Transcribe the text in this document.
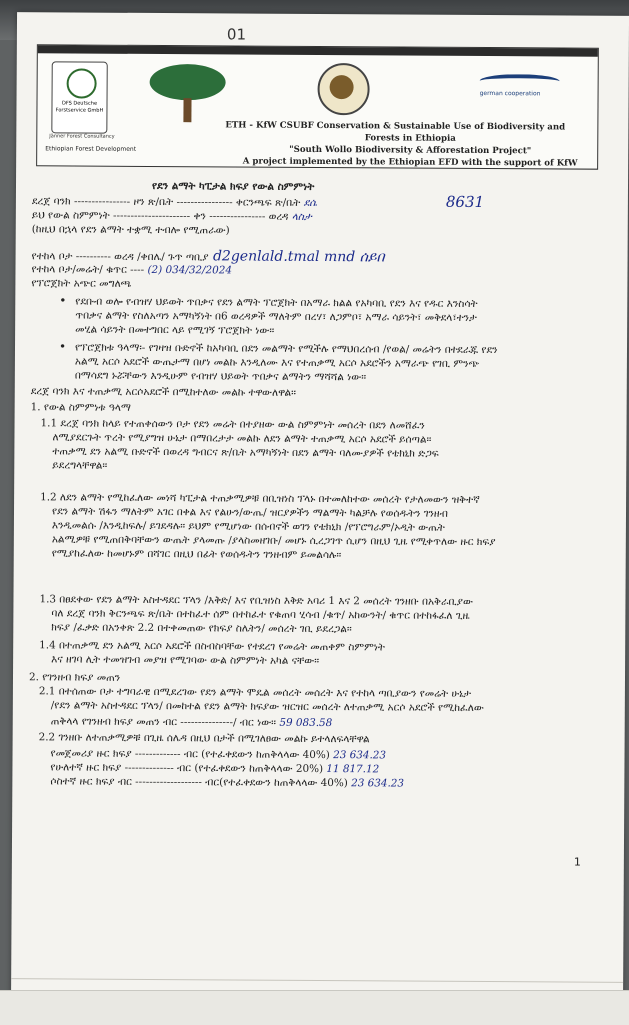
01
DFS Deutsche Forstservice GmbH
german cooperation
Jänner Forest Consultancy
Ethiopian Forest Development
ETH - KfW CSUBF Conservation & Sustainable Use of Biodiversity and
Forests in Ethiopia
"South Wollo Biodiversity & Afforestation Project"
A project implemented by the Ethiopian EFD with the support of KfW
8631
የደን ልማት ካፒታል ክፍያ የውል ስምምነት
ደረጀ ባንክ ---------------- ዞን ጽ/ቤት ---------------- ቀርንጫፍ ጽ/ቤት ደሴ
ይህ የውል ስምምነት ---------------------- ቀን ---------------- ወረዳ ላስታ
(ከዚህ በኋላ የደን ልማት ተቋሚ ተብሎ የሚጠራው)
የተከላ ቦታ ---------- ወረዳ /ቀበሌ/ ጉጥ ጣቢያ d2genlald.tmal mnd ሰይበ
የተከላ ቦታ/መሬት/ ቁጥር ---- (2) 034/32/2024
የፕሮጀክት አጭር መግለጫ
• የደቡብ ወሎ የብዝሃ ህይወት ጥበቃና የደን ልማት ፕሮጀክት በአማራ ክልል የአካባቢ የደን እና የዱር እንስሳት
ጥበቃና ልማት የስለአጣን አማካኝነት በ6 ወረዳዎች ማለትም በረሃ፣ ለጋምቦ፣ አማራ ሳይንት፣ መቅደላ፣ተንታ
መሂል ሳይንት በመተግበር ላይ የሚገኝ ፕሮጀክት ነው።
• የፕሮጀክቱ ዓላማ፡- የገዛዝ ቡድኖች ከአካባቢ በደን መልማት የሚችሉ የማህበረሰብ /የወል/ መሬትን በተደራጁ የደን
አልሚ አርሶ አደሮች ውጤታማ በሆነ መልኩ እንዲለሙ እና የተጠቃሚ አርሶ አደሮችን አማራጭ የገቢ ምንጭ
በማሳደግ ኑሯቸውን እንዲሁም የብዝሃ ህይወት ጥበቃና ልማትን ማሻሻል ነው።
ደረጀ ባንክ እና ተጠቃሚ አርሶአደሮች በሚከተለው መልኩ ተዋውለዋል።
1. የውል ስምምነቱ ዓላማ
1.1 ደረጀ ባንክ ከላይ የተጠቀሰውን ቦታ የደን መሬት በተያዘው ውል ስምምነት መሰረት በደን ለመሸፈን
ለሚያደርጉት ጥረት የሚያግዝ ሁኔታ በማበረታታ መልኩ ለደን ልማት ተጠቃሚ አርሶ አደሮች ይሰጣል።
ተጠቃሚ ደን አልሚ ቡድኖች በወረዳ ግብርና ጽ/ቤት አማካኝነት በደን ልማት ባለሙያዎች የቴክኒክ ድጋፍ
ይደረግላቸዋል።
1.2 ለደን ልማት የሚከፈለው መነሻ ካፒታል ተጠቃሚዎቹ በቢዝነስ ፕላኑ በተመለከተው መሰረት የታለመውን ዝቅተኛ
የደን ልማት ሽፋን ማለትም አገር በቀል እና የልሁን/ውጤ/ ዝርያዎችን ማልማት ካልቻሉ የወሰዱትን ገንዘብ
እንዲመልሱ /እንዲከፍሉ/ ይገደዳሉ። ይህም የሚሆነው በሰብኖች ወገን የቴክኒክ /የፕሮግራም/ኦዲት ውጤት
አልሚዎቹ የሚጠበቅባቸውን ውጤት ያላመጡ /ያላስመዘገቡ/ መሆኑ ሲረጋገጥ ሲሆን በዚህ ጊዜ የሚቀጥለው ዙር ክፍያ
የሚያከፈለው ከመሆኑም በሻገር በዚህ በፊት የወሰዱትን ገንዘብም ይመልሳሉ።
1.3 በፀደቀው የደን ልማት አስተዳደር ፕላን /እቅድ/ እና የቢዝነስ እቅድ አባሪ 1 እና 2 መሰረት ገንዘቡ በአቅራቢያው
ባለ ደረጀ ባንክ ቅርንጫፍ ጽ/ቤት በተከፈተ ሰም በተከፈተ የቁጠባ ሂሳብ /ቁጥ/ አከውንት/ ቁጥር በተከፋፈለ ጊዜ
ክፍያ /ፈቃድ በአንቀጽ 2.2 በተቀመጠው የክፍያ ስሌትን/ መሰረት ገቢ ይደረጋል።
1.4 በተጠቃሚ ደን አልሚ አርሶ አደሮች በስብስባቸው የተደረገ የመሬት መጠቀም ስምምነት
እና ዘገባ ሊት ተመዝገብ መያዝ የሚገባው ውል ስምምነት አካል ናቸው።
2. የገንዘብ ክፍያ መጠን
2.1 በተሰጠው ቦታ ተግባራዊ በሚደረገው የደን ልማት ሞዴል መሰረት መሰረት እና የተከላ ጣቢያውን የመሬት ሁኔታ
/የደን ልማት አስተዳደር ፕላን/ በመከተል የደን ልማት ክፍያው ዝርዝር መሰረት ለተጠቃሚ አርሶ አደሮች የሚከፈለው
ጠቅላላ የገንዘብ ክፍያ መጠን ብር ---------------/ ብር ነው። 59 083.58
2.2 ገንዘቡ ለተጠቃሚዎቹ በጊዜ ሰሌዳ በዚህ በታች በሚገለፀው መልኩ ይተላለፍላቸዋል
የመጀመሪያ ዙር ክፍያ ------------- ብር (የተፈቀደውን ከጠቅላላው 40%) 23 634.23
የሁለተኛ ዙር ክፍያ -------------- ብር (የተፈቀደውን ከጠቅላላው 20%) 11 817.12
ሶስተኛ ዙር ክፍያ ብር ------------------- ብር(የተፈቀደውን ከጠቅላላው 40%) 23 634.23
1
